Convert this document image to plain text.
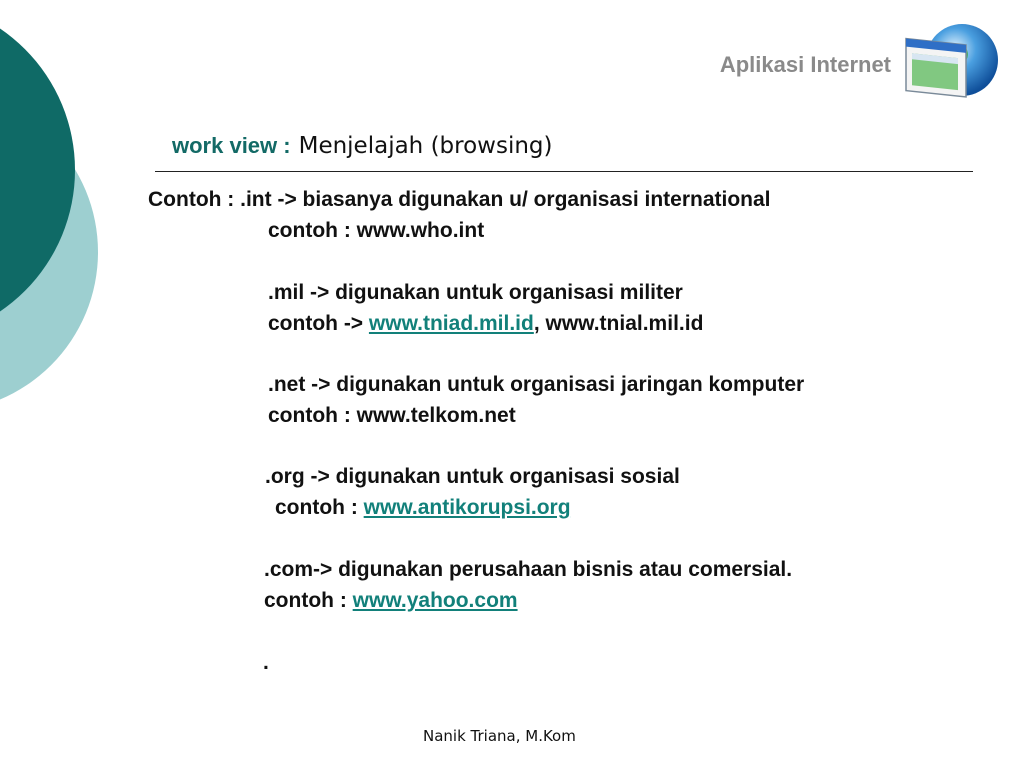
Aplikasi Internet
work view : Menjelajah (browsing)
Contoh : .int -> biasanya digunakan u/ organisasi international
contoh : www.who.int
.mil -> digunakan untuk organisasi militer
contoh -> www.tniad.mil.id, www.tnial.mil.id
.net -> digunakan untuk organisasi jaringan komputer
contoh : www.telkom.net
.org -> digunakan untuk organisasi sosial
contoh : www.antikorupsi.org
.com-> digunakan perusahaan bisnis atau comersial.
contoh : www.yahoo.com
.
Nanik Triana, M.Kom
